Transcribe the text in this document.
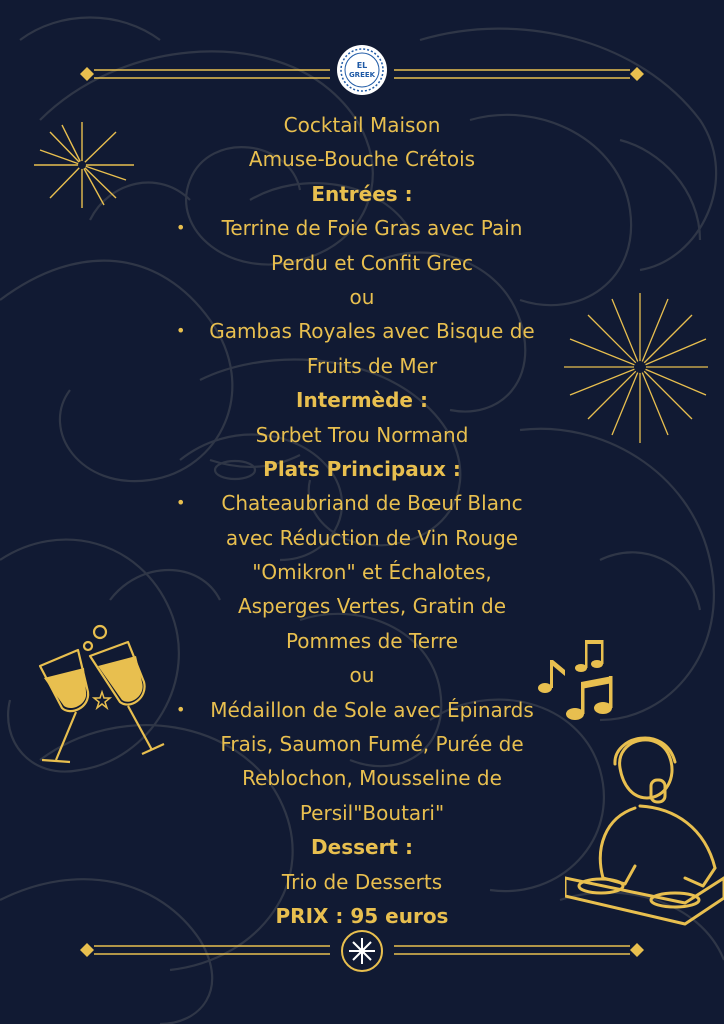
EL
GREEK
Cocktail Maison
Amuse-Bouche Crétois
Entrées :
• Terrine de Foie Gras avec Pain
Perdu et Confit Grec
ou
• Gambas Royales avec Bisque de
Fruits de Mer
Intermède :
Sorbet Trou Normand
Plats Principaux :
• Chateaubriand de Bœuf Blanc
avec Réduction de Vin Rouge
"Omikron" et Échalotes,
Asperges Vertes, Gratin de
Pommes de Terre
ou
• Médaillon de Sole avec Épinards
Frais, Saumon Fumé, Purée de
Reblochon, Mousseline de
Persil"Boutari"
Dessert :
Trio de Desserts
PRIX : 95 euros
